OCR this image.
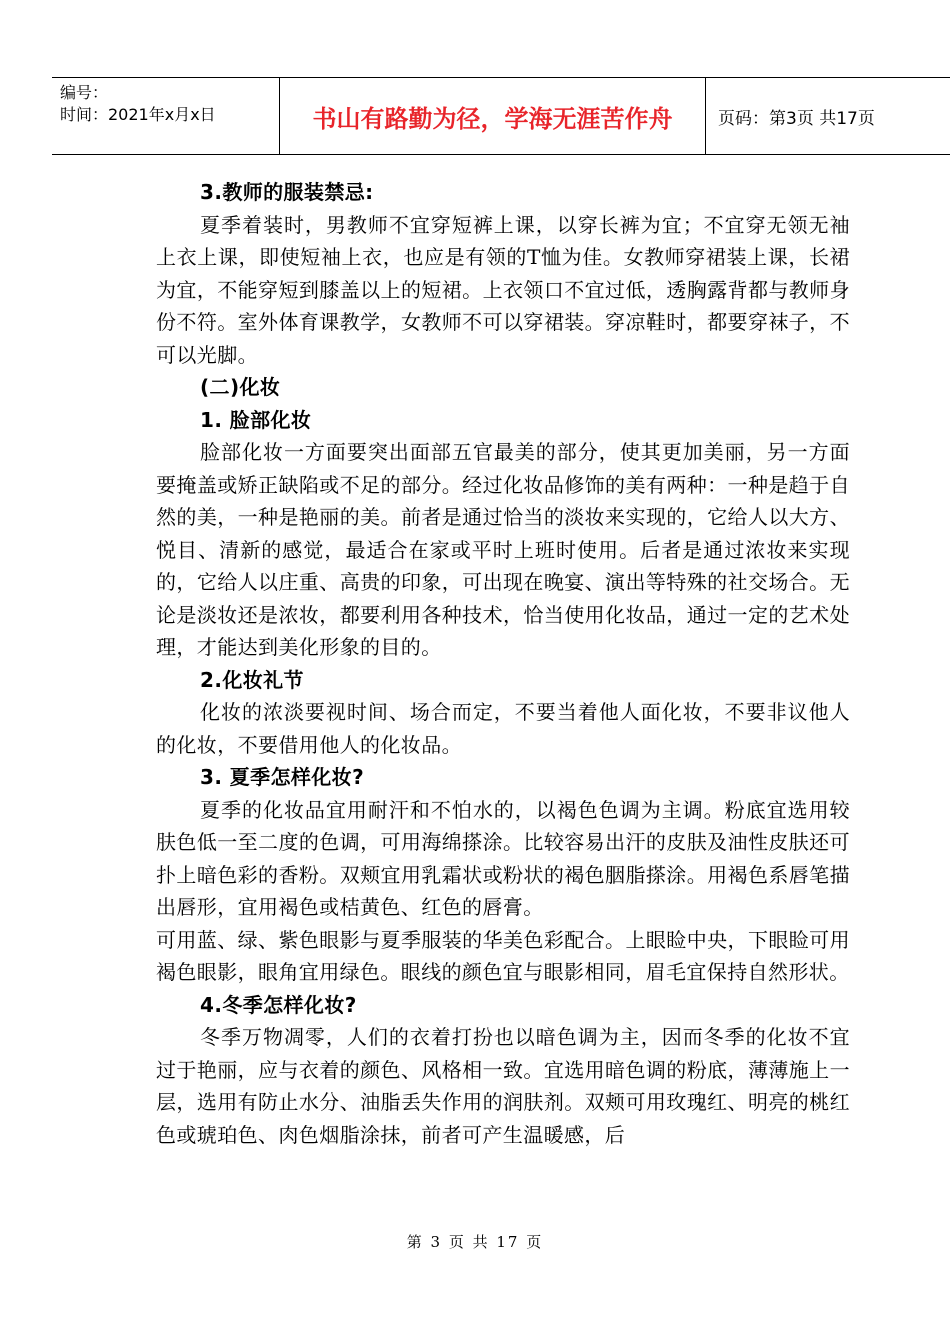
编号：
时间：2021年x月x日	书山有路勤为径，学海无涯苦作舟	页码：第3页 共17页

3.教师的服装禁忌:

夏季着装时，男教师不宜穿短裤上课，以穿长裤为宜；不宜穿无领无袖上衣上课，即使短袖上衣，也应是有领的T恤为佳。女教师穿裙装上课，长裙为宜，不能穿短到膝盖以上的短裙。上衣领口不宜过低，透胸露背都与教师身份不符。室外体育课教学，女教师不可以穿裙装。穿凉鞋时，都要穿袜子，不可以光脚。

(二)化妆

1. 脸部化妆

脸部化妆一方面要突出面部五官最美的部分，使其更加美丽，另一方面要掩盖或矫正缺陷或不足的部分。经过化妆品修饰的美有两种：一种是趋于自然的美，一种是艳丽的美。前者是通过恰当的淡妆来实现的，它给人以大方、悦目、清新的感觉，最适合在家或平时上班时使用。后者是通过浓妆来实现的，它给人以庄重、高贵的印象，可出现在晚宴、演出等特殊的社交场合。无论是淡妆还是浓妆，都要利用各种技术，恰当使用化妆品，通过一定的艺术处理，才能达到美化形象的目的。

2.化妆礼节

化妆的浓淡要视时间、场合而定，不要当着他人面化妆，不要非议他人的化妆，不要借用他人的化妆品。

3. 夏季怎样化妆?

夏季的化妆品宜用耐汗和不怕水的，以褐色色调为主调。粉底宜选用较肤色低一至二度的色调，可用海绵搽涂。比较容易出汗的皮肤及油性皮肤还可扑上暗色彩的香粉。双颊宜用乳霜状或粉状的褐色胭脂搽涂。用褐色系唇笔描出唇形，宜用褐色或桔黄色、红色的唇膏。

可用蓝、绿、紫色眼影与夏季服装的华美色彩配合。上眼睑中央，下眼睑可用褐色眼影，眼角宜用绿色。眼线的颜色宜与眼影相同，眉毛宜保持自然形状。

4.冬季怎样化妆?

冬季万物凋零，人们的衣着打扮也以暗色调为主，因而冬季的化妆不宜过于艳丽，应与衣着的颜色、风格相一致。宜选用暗色调的粉底，薄薄施上一层，选用有防止水分、油脂丢失作用的润肤剂。双颊可用玫瑰红、明亮的桃红色或琥珀色、肉色烟脂涂抹，前者可产生温暖感，后

第 3 页 共 17 页
